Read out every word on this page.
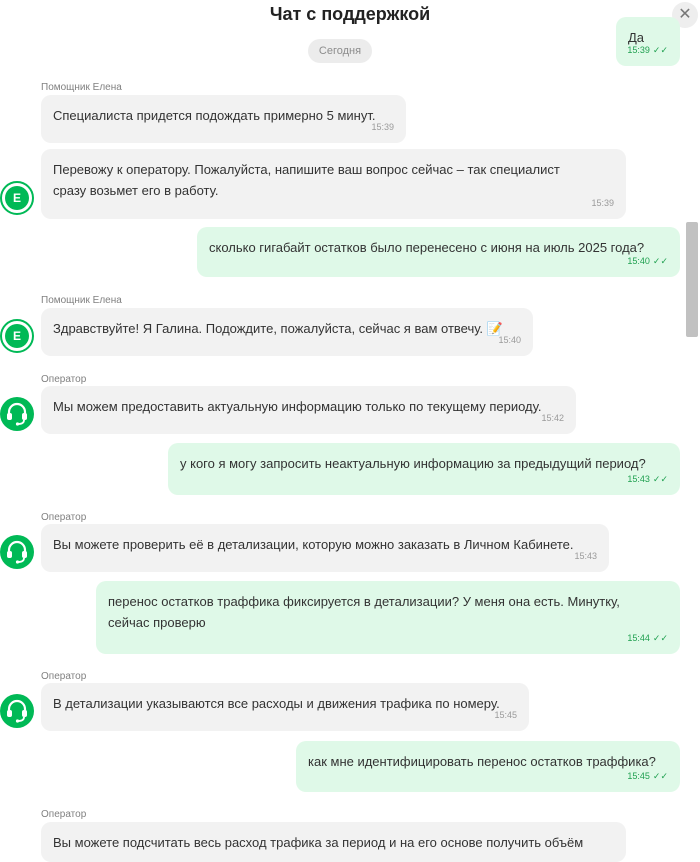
Чат с поддержкой	✕
Да
15:39 ✓✓
Сегодня
Помощник Елена
Специалиста придется подождать примерно 5 минут.
15:39
Перевожу к оператору. Пожалуйста, напишите ваш вопрос сейчас – так специалист
сразу возьмет его в работу.
15:39
Е
сколько гигабайт остатков было перенесено с июня на июль 2025 года?
15:40 ✓✓
Помощник Елена
Здравствуйте! Я Галина. Подождите, пожалуйста, сейчас я вам отвечу. 📝
15:40
Е
Оператор
Мы можем предоставить актуальную информацию только по текущему периоду.
15:42
у кого я могу запросить неактуальную информацию за предыдущий период?
15:43 ✓✓
Оператор
Вы можете проверить её в детализации, которую можно заказать в Личном Кабинете.
15:43
перенос остатков траффика фиксируется в детализации? У меня она есть. Минутку,
сейчас проверю
15:44 ✓✓
Оператор
В детализации указываются все расходы и движения трафика по номеру.
15:45
как мне идентифицировать перенос остатков траффика?
15:45 ✓✓
Оператор
Вы можете подсчитать весь расход трафика за период и на его основе получить объём
